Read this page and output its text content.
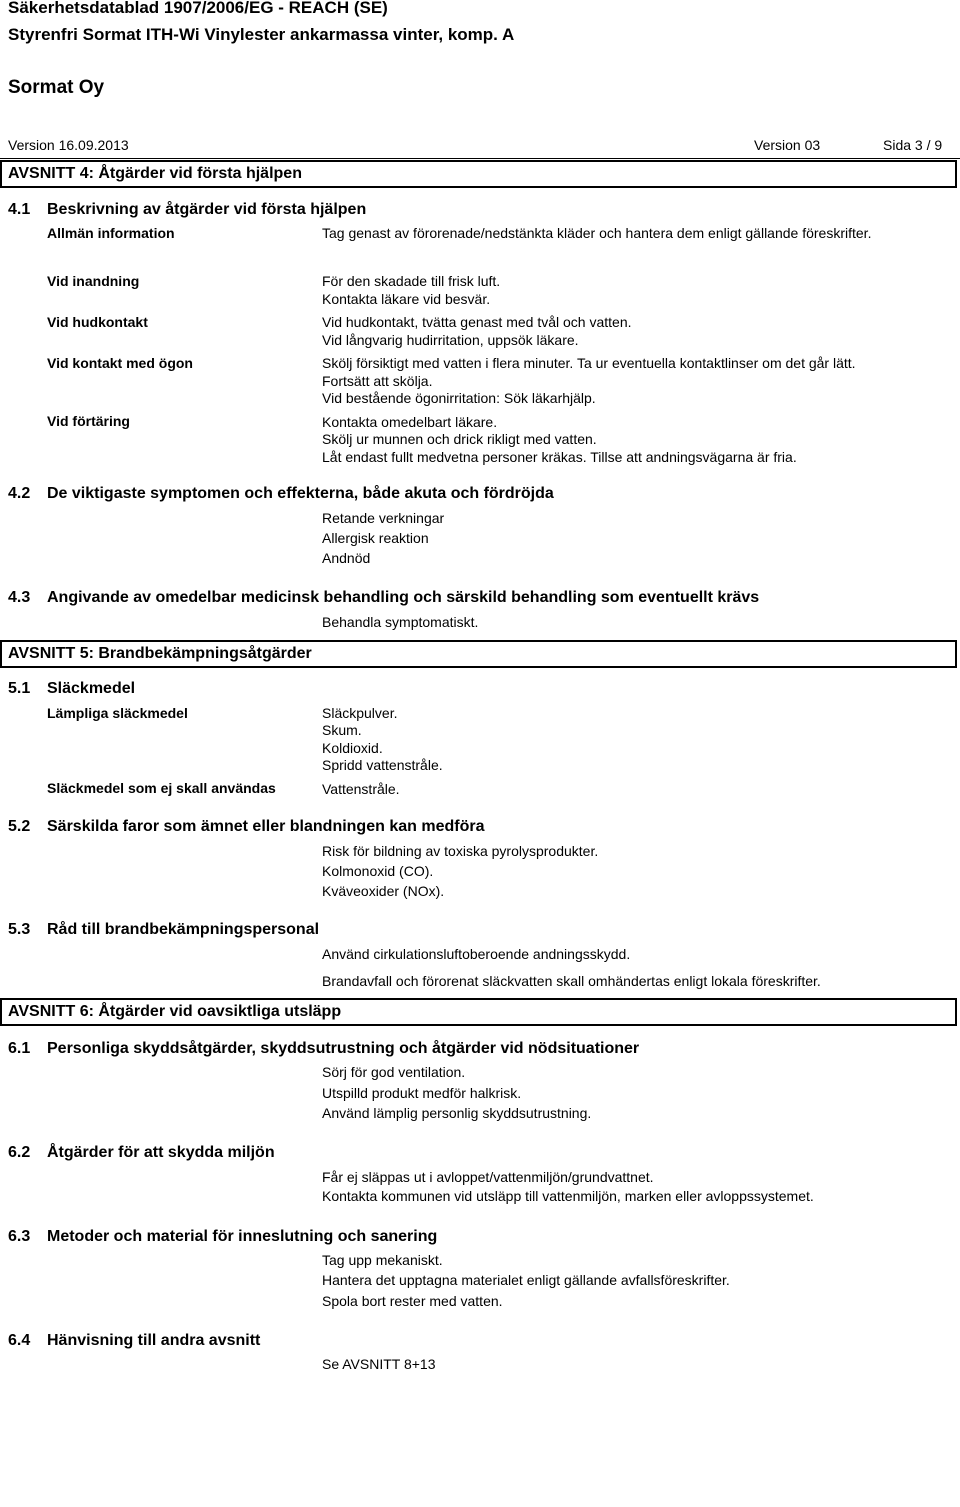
Säkerhetsdatablad 1907/2006/EG - REACH (SE)
Styrenfri Sormat ITH-Wi Vinylester ankarmassa vinter, komp. A
Sormat Oy
Version 16.09.2013	Version 03	Sida 3 / 9
AVSNITT 4: Åtgärder vid första hjälpen
4.1 Beskrivning av åtgärder vid första hjälpen
Allmän information	Tag genast av förorenade/nedstänkta kläder och hantera dem enligt gällande föreskrifter.
Vid inandning	För den skadade till frisk luft.
Kontakta läkare vid besvär.
Vid hudkontakt	Vid hudkontakt, tvätta genast med tvål och vatten.
Vid långvarig hudirritation, uppsök läkare.
Vid kontakt med ögon	Skölj försiktigt med vatten i flera minuter. Ta ur eventuella kontaktlinser om det går lätt.
Fortsätt att skölja.
Vid bestående ögonirritation: Sök läkarhjälp.
Vid förtäring	Kontakta omedelbart läkare.
Skölj ur munnen och drick rikligt med vatten.
Låt endast fullt medvetna personer kräkas. Tillse att andningsvägarna är fria.
4.2 De viktigaste symptomen och effekterna, både akuta och fördröjda
Retande verkningar
Allergisk reaktion
Andnöd
4.3 Angivande av omedelbar medicinsk behandling och särskild behandling som eventuellt krävs
Behandla symptomatiskt.
AVSNITT 5: Brandbekämpningsåtgärder
5.1 Släckmedel
Lämpliga släckmedel	Släckpulver.
Skum.
Koldioxid.
Spridd vattenstråle.
Släckmedel som ej skall användas	Vattenstråle.
5.2 Särskilda faror som ämnet eller blandningen kan medföra
Risk för bildning av toxiska pyrolysprodukter.
Kolmonoxid (CO).
Kväveoxider (NOx).
5.3 Råd till brandbekämpningspersonal
Använd cirkulationsluftoberoende andningsskydd.
Brandavfall och förorenat släckvatten skall omhändertas enligt lokala föreskrifter.
AVSNITT 6: Åtgärder vid oavsiktliga utsläpp
6.1 Personliga skyddsåtgärder, skyddsutrustning och åtgärder vid nödsituationer
Sörj för god ventilation.
Utspilld produkt medför halkrisk.
Använd lämplig personlig skyddsutrustning.
6.2 Åtgärder för att skydda miljön
Får ej släppas ut i avloppet/vattenmiljön/grundvattnet.
Kontakta kommunen vid utsläpp till vattenmiljön, marken eller avloppssystemet.
6.3 Metoder och material för inneslutning och sanering
Tag upp mekaniskt.
Hantera det upptagna materialet enligt gällande avfallsföreskrifter.
Spola bort rester med vatten.
6.4 Hänvisning till andra avsnitt
Se AVSNITT 8+13
